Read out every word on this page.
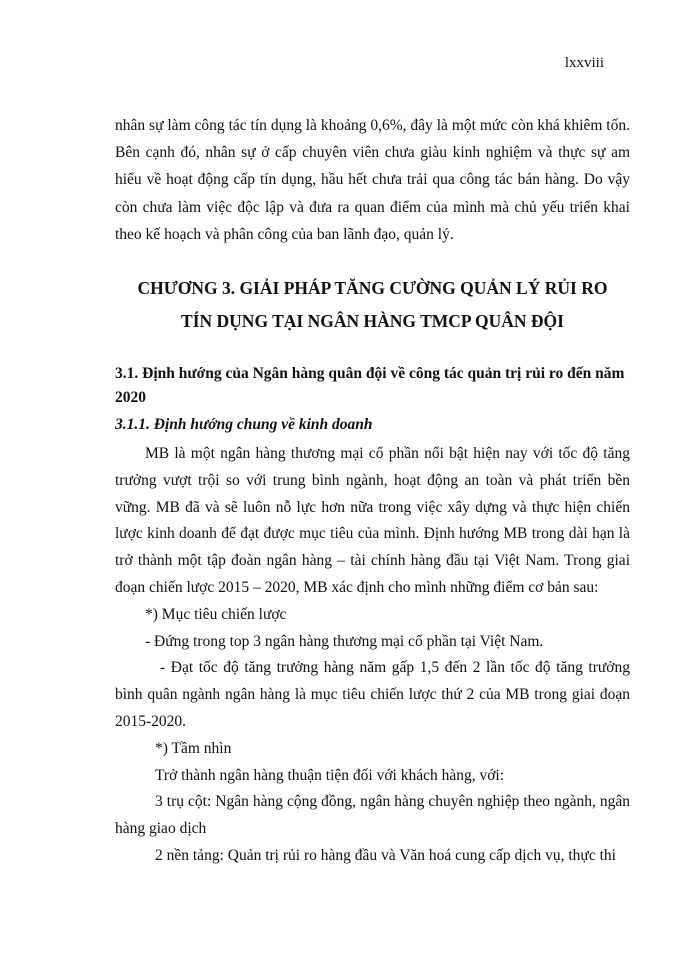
lxxviii
nhân sự làm công tác tín dụng là khoảng 0,6%, đây là một mức còn khá khiêm tốn. Bên cạnh đó, nhân sự ở cấp chuyên viên chưa giàu kinh nghiệm và thực sự am hiểu về hoạt động cấp tín dụng, hầu hết chưa trải qua công tác bán hàng. Do vậy còn chưa làm việc độc lập và đưa ra quan điểm của mình mà chủ yếu triển khai theo kế hoạch và phân công của ban lãnh đạo, quản lý.
CHƯƠNG 3. GIẢI PHÁP TĂNG CƯỜNG QUẢN LÝ RỦI RO
TÍN DỤNG TẠI NGÂN HÀNG TMCP QUÂN ĐỘI
3.1. Định hướng của Ngân hàng quân đội về công tác quản trị rủi ro đến năm 2020
3.1.1. Định hướng chung về kinh doanh

MB là một ngân hàng thương mại cổ phần nổi bật hiện nay với tốc độ tăng trưởng vượt trội so với trung bình ngành, hoạt động an toàn và phát triển bền vững. MB đã và sẽ luôn nỗ lực hơn nữa trong việc xây dựng và thực hiện chiến lược kinh doanh để đạt được mục tiêu của mình. Định hướng MB trong dài hạn là trở thành một tập đoàn ngân hàng – tài chính hàng đầu tại Việt Nam. Trong giai đoạn chiến lược 2015 – 2020, MB xác định cho mình những điểm cơ bản sau:

*) Mục tiêu chiến lược

- Đứng trong top 3 ngân hàng thương mại cổ phần tại Việt Nam.

- Đạt tốc độ tăng trưởng hàng năm gấp 1,5 đến 2 lần tốc độ tăng trưởng bình quân ngành ngân hàng là mục tiêu chiến lược thứ 2 của MB trong giai đoạn 2015-2020.

*) Tầm nhìn

Trở thành ngân hàng thuận tiện đối với khách hàng, với:

3 trụ cột: Ngân hàng cộng đồng, ngân hàng chuyên nghiệp theo ngành, ngân hàng giao dịch

2 nền tảng: Quản trị rủi ro hàng đầu và Văn hoá cung cấp dịch vụ, thực thi
